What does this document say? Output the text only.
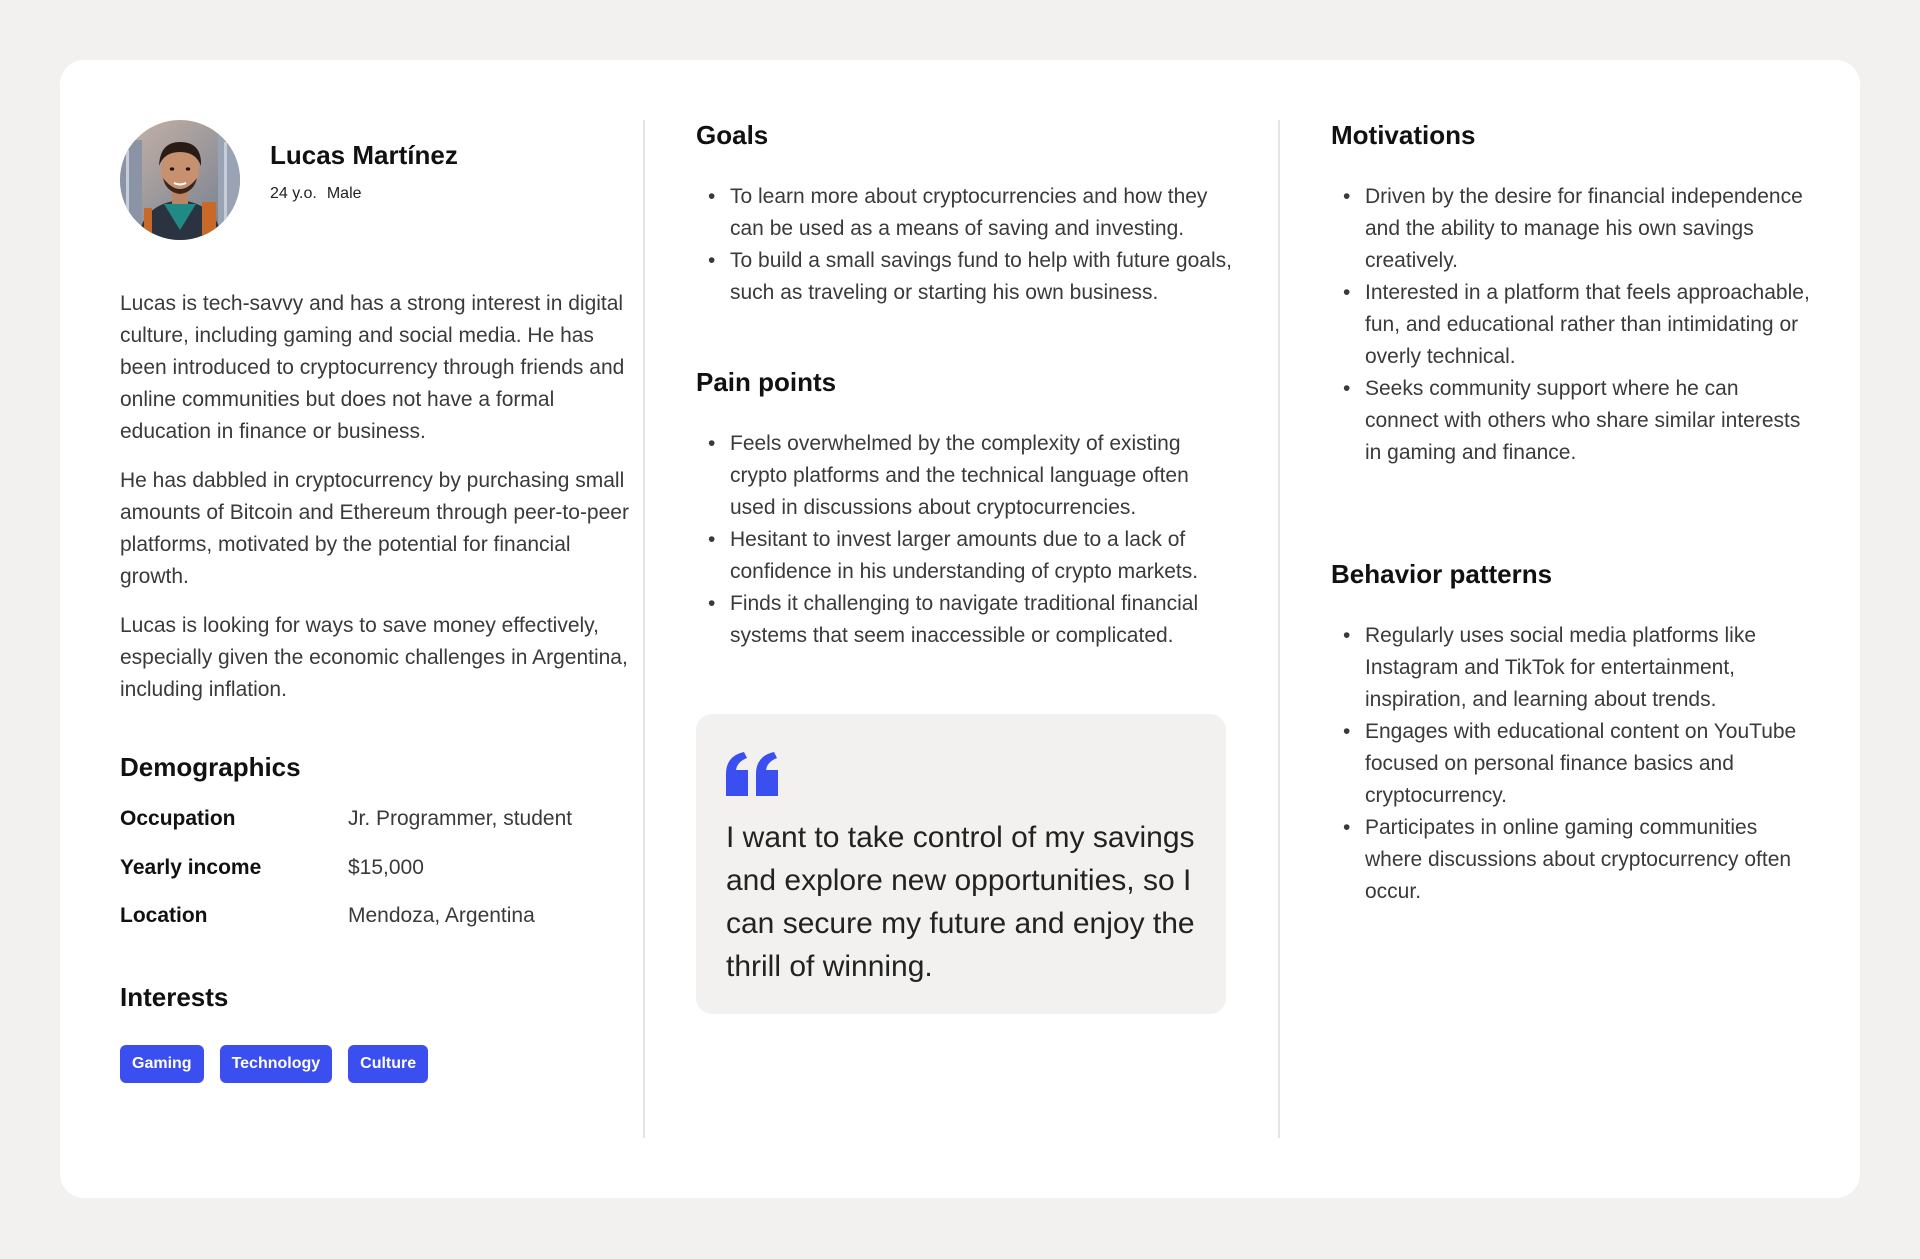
Lucas Martínez
24 y.o. Male

Lucas is tech-savvy and has a strong interest in digital culture, including gaming and social media. He has been introduced to cryptocurrency through friends and online communities but does not have a formal education in finance or business.

He has dabbled in cryptocurrency by purchasing small amounts of Bitcoin and Ethereum through peer-to-peer platforms, motivated by the potential for financial growth.

Lucas is looking for ways to save money effectively, especially given the economic challenges in Argentina, including inflation.

Demographics
Occupation	Jr. Programmer, student
Yearly income	$15,000
Location	Mendoza, Argentina
Interests
Gaming	Technology	Culture
Goals
• To learn more about cryptocurrencies and how they can be used as a means of saving and investing.
• To build a small savings fund to help with future goals, such as traveling or starting his own business.
Pain points
• Feels overwhelmed by the complexity of existing crypto platforms and the technical language often used in discussions about cryptocurrencies.
• Hesitant to invest larger amounts due to a lack of confidence in his understanding of crypto markets.
• Finds it challenging to navigate traditional financial systems that seem inaccessible or complicated.
I want to take control of my savings and explore new opportunities, so I can secure my future and enjoy the thrill of winning.
Motivations
• Driven by the desire for financial independence and the ability to manage his own savings creatively.
• Interested in a platform that feels approachable, fun, and educational rather than intimidating or overly technical.
• Seeks community support where he can connect with others who share similar interests in gaming and finance.
Behavior patterns
• Regularly uses social media platforms like Instagram and TikTok for entertainment, inspiration, and learning about trends.
• Engages with educational content on YouTube focused on personal finance basics and cryptocurrency.
• Participates in online gaming communities where discussions about cryptocurrency often occur.
